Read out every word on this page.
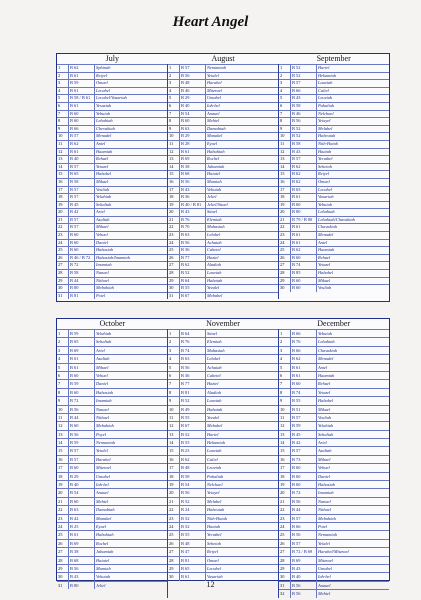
Heart Angel
July	August	September
1	B 62	Sphinah
2	B 61	Reiyel
3	B 59	Omael
4	B 61	Lecabel
5	B 58 / B 61	Lecabel/Vasariah
6	B 61	Yesaziah
7	B 60	Yehuiah
8	B 60	Lehahiah
9	B 66	Chevakiah
10	B 57	Menadel
11	B 62	Aniel
12	B 61	Haamiah
13	B 40	Rehael
14	B 57	Yeiazel
15	B 65	Hahahel
16	B 58	Mikael
17	B 57	Veuliah
18	B 57	Yelahiah
19	B 45	Sehaliah
20	B 42	Ariel
21	B 57	Asaliah
22	B 57	Mihael
23	B 60	Vehuel
24	B 60	Daniel
25	B 60	Hahasiah
26	B 46 / B 72	Hahasiah/Imamiah
27	B 72	Imamiah
28	B 58	Nanael
29	B 44	Nithael
30	B 80	Mebahiah
31	B 81	Poiel
1	B 57	Nemamiah
2	B 56	Yeialel
3	B 48	Harahel
4	B 46	Mitzrael
5	B 29	Umabel
6	B 40	Iah-hel
7	B 54	Anauel
8	B 60	Mehiel
9	B 63	Damabiah
10	B 29	Manakel
11	B 28	Eyael
12	B 61	Habuhiah
13	B 69	Rochel
14	B 38	Jabamiah
15	B 68	Haiaiel
16	B 56	Mumiah
17	B 43	Vehuiah
18	B 36	Jeliel
19	B 40 / B 81	Jeliel/Sitael
20	B 43	Sitael
21	B 76	Elemiah
22	B 70	Mahasiah
23	B 63	Lelahel
24	B 56	Achaiah
25	B 36	Cahetel
26	B 77	Haziel
27	B 62	Aladiah
28	B 52	Lauviah
29	B 64	Hahaiah
30	B 55	Yezalel
31	B 67	Mebahel
1	B 52	Hariel
2	B 52	Hekamiah
3	B 57	Lauviah
4	B 66	Caliel
5	B 43	Leuviah
6	B 58	Pahaliah
7	B 46	Nelchael
8	B 56	Yeiayel
9	B 52	Melahel
10	B 52	Haheuiah
11	B 58	Nith-Haiah
12	B 43	Haaiah
13	B 57	Yerathel
14	B 62	Seheiah
15	B 62	Reiyel
16	B 62	Omael
17	B 65	Lecabel
18	B 61	Vasariah
19	B 60	Yehuiah
20	B 80	Lehahiah
21	B 79 / B 80	Lehahiah/Chavakiah
22	B 61	Chavakiah
23	B 61	Menadel
24	B 61	Aniel
25	B 62	Haamiah
26	B 60	Rehael
27	B 74	Yeiazel
28	B 85	Hahahel
29	B 60	Mikael
30	B 60	Veuliah
October	November	December
1	B 59	Yelahiah
2	B 65	Sehaliah
3	B 69	Ariel
4	B 61	Asaliah
5	B 61	Mihael
6	B 60	Vehuel
7	B 59	Daniel
8	B 60	Hahasiah
9	B 72	Imamiah
10	B 56	Nanael
11	B 44	Nithael
12	B 60	Mebahiah
13	B 56	Poyel
14	B 59	Nemamiah
15	B 57	Yeialel
16	B 57	Harahel
17	B 60	Mitzrael
18	B 29	Umabel
19	B 40	Iah-hel
20	B 54	Anauel
21	B 60	Mehiel
22	B 63	Damabiah
23	B 42	Manakel
24	B 25	Eyael
25	B 61	Habuhiah
26	B 69	Rochel
27	B 38	Jabamiah
28	B 68	Haiaiel
29	B 56	Mumiah
30	B 43	Vehuiah
31	B 80	Jeliel
1	B 64	Sitael
2	B 76	Elemiah
3	B 74	Mahasiah
4	B 63	Lelahel
5	B 56	Achaiah
6	B 36	Cahetel
7	B 77	Haziel
8	B 81	Aladiah
9	B 52	Lauviah
10	B 49	Hahaiah
11	B 55	Yezalel
12	B 67	Mebahel
13	B 52	Hariel
14	B 55	Hekamiah
15	B 23	Lauviah
16	B 62	Caliel
17	B 48	Leuviah
18	B 58	Pahaliah
19	B 54	Nelchael
20	B 56	Yeiayel
21	B 52	Melahel
22	B 24	Haheuiah
23	B 52	Nith-Haiah
24	B 52	Haaiah
25	B 55	Yerathel
26	B 48	Seheiah
27	B 47	Reiyel
28	B 81	Omael
29	B 65	Lecabel
30	B 61	Vasariah
1	B 66	Yehuiah
2	B 76	Lehahiah
3	B 66	Chavakiah
4	B 62	Menadel
5	B 61	Aniel
6	B 61	Haamiah
7	B 60	Rehael
8	B 74	Yeiazel
9	B 55	Hahahel
10	B 51	Mikael
11	B 57	Veuliah
12	B 59	Yelahiah
13	B 45	Sehaliah
14	B 42	Ariel
15	B 57	Asaliah
16	B 73	Mihael
17	B 60	Vehuel
18	B 60	Daniel
19	B 60	Hahasiah
20	B 72	Imamiah
21	B 56	Nanael
22	B 44	Nithael
23	B 57	Mebahiah
24	B 66	Poiel
25	B 56	Nemamiah
26	B 57	Yeialel
27	B 72 / B 69	Harahel/Mitzrael
28	B 69	Mitzrael
29	B 43	Umabel
30	B 40	Iah-hel
31	B 56	Anauel
32	B 56	Mehiel
12
